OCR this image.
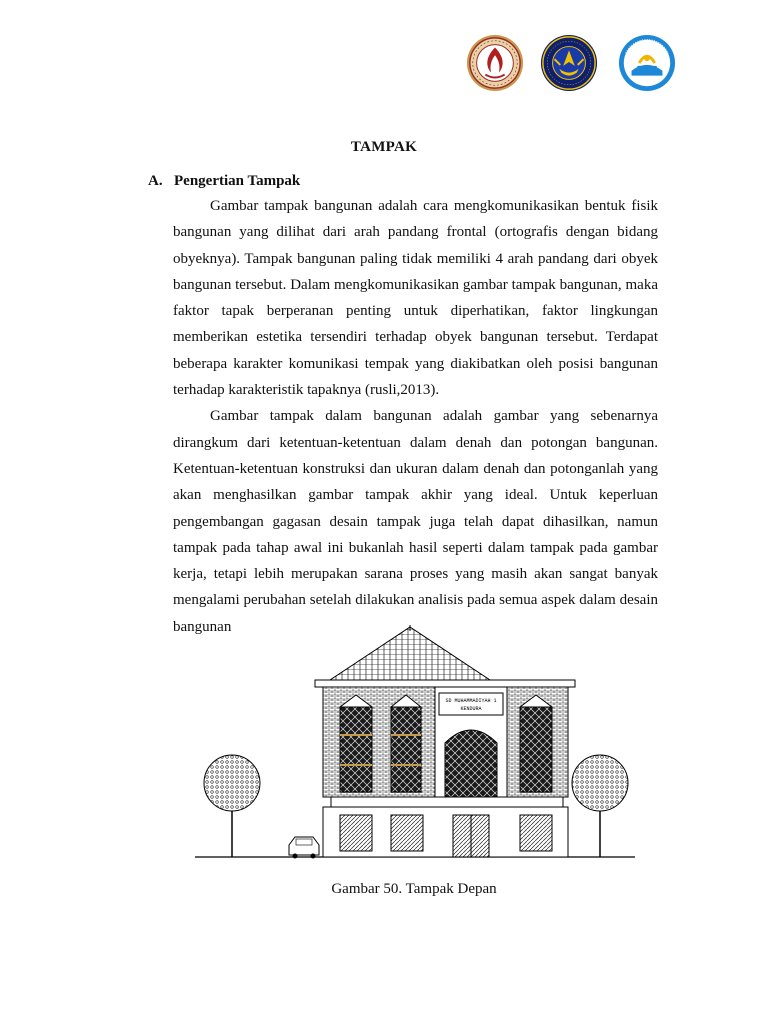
TAMPAK
A. Pengertian Tampak

Gambar tampak bangunan adalah cara mengkomunikasikan bentuk fisik bangunan yang dilihat dari arah pandang frontal (ortografis dengan bidang obyeknya). Tampak bangunan paling tidak memiliki 4 arah pandang dari obyek bangunan tersebut. Dalam mengkomunikasikan gambar tampak bangunan, maka faktor tapak berperanan penting untuk diperhatikan, faktor lingkungan memberikan estetika tersendiri terhadap obyek bangunan tersebut. Terdapat beberapa karakter komunikasi tempak yang diakibatkan oleh posisi bangunan terhadap karakteristik tapaknya (rusli,2013).

Gambar tampak dalam bangunan adalah gambar yang sebenarnya dirangkum dari ketentuan-ketentuan dalam denah dan potongan bangunan. Ketentuan-ketentuan konstruksi dan ukuran dalam denah dan potonganlah yang akan menghasilkan gambar tampak akhir yang ideal. Untuk keperluan pengembangan gagasan desain tampak juga telah dapat dihasilkan, namun tampak pada tahap awal ini bukanlah hasil seperti dalam tampak pada gambar kerja, tetapi lebih merupakan sarana proses yang masih akan sangat banyak mengalami perubahan setelah dilakukan analisis pada semua aspek dalam desain bangunan

SD MUHAMMADIYAH 1
KENDURA
Gambar 50. Tampak Depan
